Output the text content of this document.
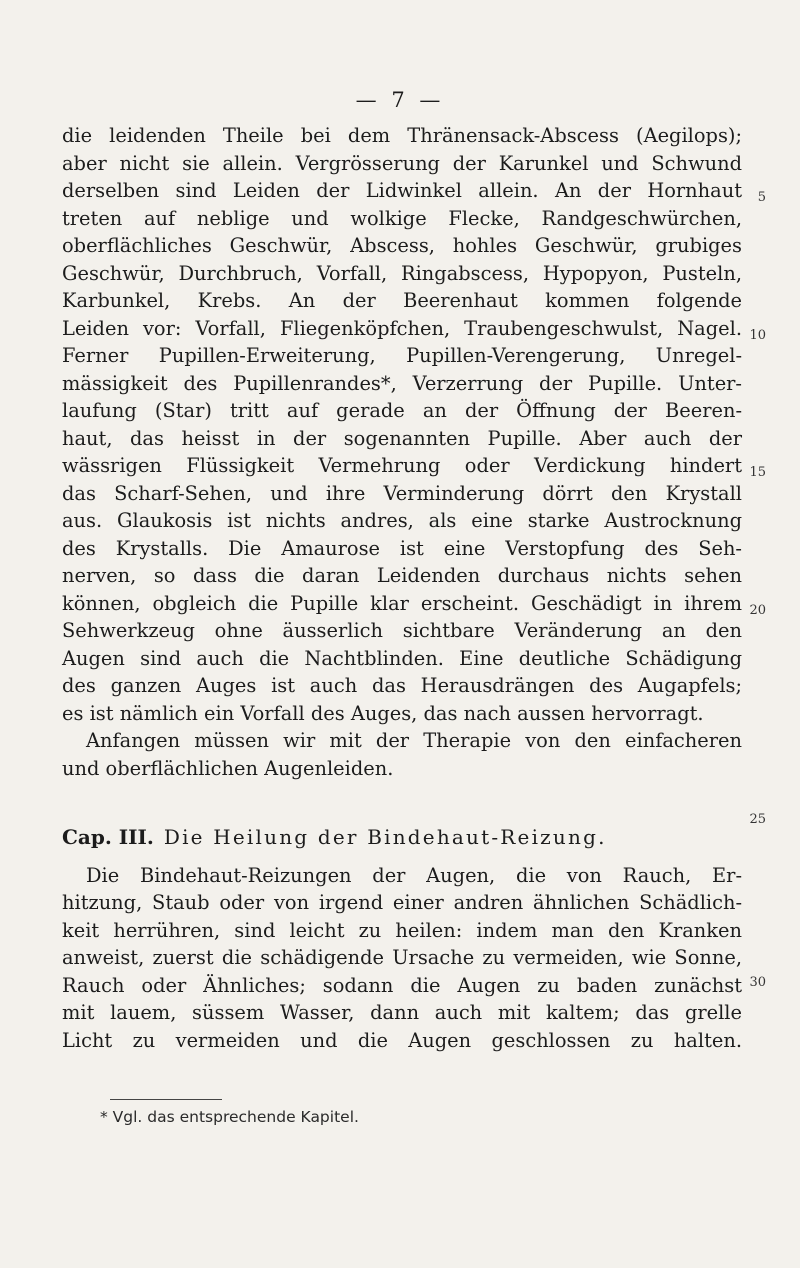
— 7 —
die leidenden Theile bei dem Thränensack-Abscess (Aegilops);
aber nicht sie allein. Vergrösserung der Karunkel und Schwund
derselben sind Leiden der Lidwinkel allein. An der Hornhaut
treten auf neblige und wolkige Flecke, Randgeschwürchen,
oberflächliches Geschwür, Abscess, hohles Geschwür, grubiges
Geschwür, Durchbruch, Vorfall, Ringabscess, Hypopyon, Pusteln,
Karbunkel, Krebs. An der Beerenhaut kommen folgende
Leiden vor: Vorfall, Fliegenköpfchen, Traubengeschwulst, Nagel.
Ferner Pupillen-Erweiterung, Pupillen-Verengerung, Unregel-
mässigkeit des Pupillenrandes*, Verzerrung der Pupille. Unter-
laufung (Star) tritt auf gerade an der Öffnung der Beeren-
haut, das heisst in der sogenannten Pupille. Aber auch der
wässrigen Flüssigkeit Vermehrung oder Verdickung hindert
das Scharf-Sehen, und ihre Verminderung dörrt den Krystall
aus. Glaukosis ist nichts andres, als eine starke Austrocknung
des Krystalls. Die Amaurose ist eine Verstopfung des Seh-
nerven, so dass die daran Leidenden durchaus nichts sehen
können, obgleich die Pupille klar erscheint. Geschädigt in ihrem
Sehwerkzeug ohne äusserlich sichtbare Veränderung an den
Augen sind auch die Nachtblinden. Eine deutliche Schädigung
des ganzen Auges ist auch das Herausdrängen des Augapfels;
es ist nämlich ein Vorfall des Auges, das nach aussen hervorragt.
Anfangen müssen wir mit der Therapie von den einfacheren
und oberflächlichen Augenleiden.
Cap. III. Die Heilung der Bindehaut-Reizung.
Die Bindehaut-Reizungen der Augen, die von Rauch, Er-
hitzung, Staub oder von irgend einer andren ähnlichen Schädlich-
keit herrühren, sind leicht zu heilen: indem man den Kranken
anweist, zuerst die schädigende Ursache zu vermeiden, wie Sonne,
Rauch oder Ähnliches; sodann die Augen zu baden zunächst
mit lauem, süssem Wasser, dann auch mit kaltem; das grelle
Licht zu vermeiden und die Augen geschlossen zu halten.
5
10
15
20
25
30
* Vgl. das entsprechende Kapitel.
